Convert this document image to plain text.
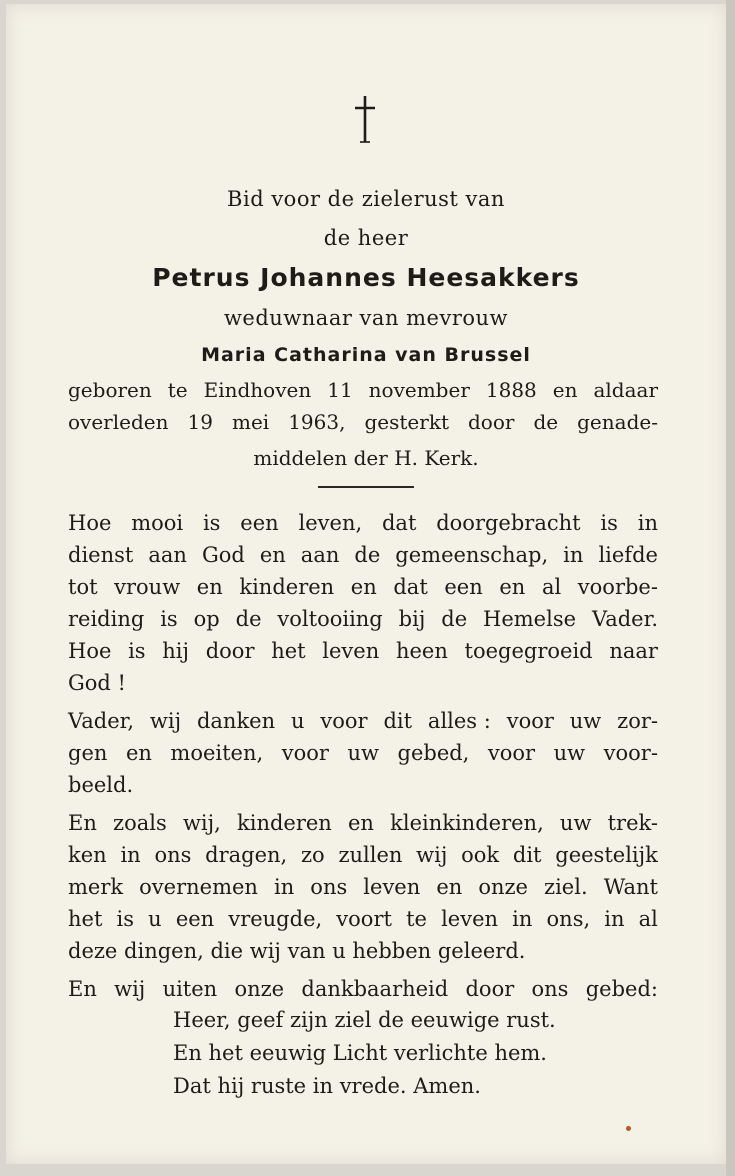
Bid voor de zielerust van
de heer
Petrus Johannes Heesakkers
weduwnaar van mevrouw
Maria Catharina van Brussel
geboren te Eindhoven 11 november 1888 en aldaar
overleden 19 mei 1963, gesterkt door de genade-
middelen der H. Kerk.
Hoe mooi is een leven, dat doorgebracht is in
dienst aan God en aan de gemeenschap, in liefde
tot vrouw en kinderen en dat een en al voorbe-
reiding is op de voltooiing bij de Hemelse Vader.
Hoe is hij door het leven heen toegegroeid naar
God !
Vader, wij danken u voor dit alles : voor uw zor-
gen en moeiten, voor uw gebed, voor uw voor-
beeld.
En zoals wij, kinderen en kleinkinderen, uw trek-
ken in ons dragen, zo zullen wij ook dit geestelijk
merk overnemen in ons leven en onze ziel. Want
het is u een vreugde, voort te leven in ons, in al
deze dingen, die wij van u hebben geleerd.
En wij uiten onze dankbaarheid door ons gebed:
Heer, geef zijn ziel de eeuwige rust.
En het eeuwig Licht verlichte hem.
Dat hij ruste in vrede. Amen.
